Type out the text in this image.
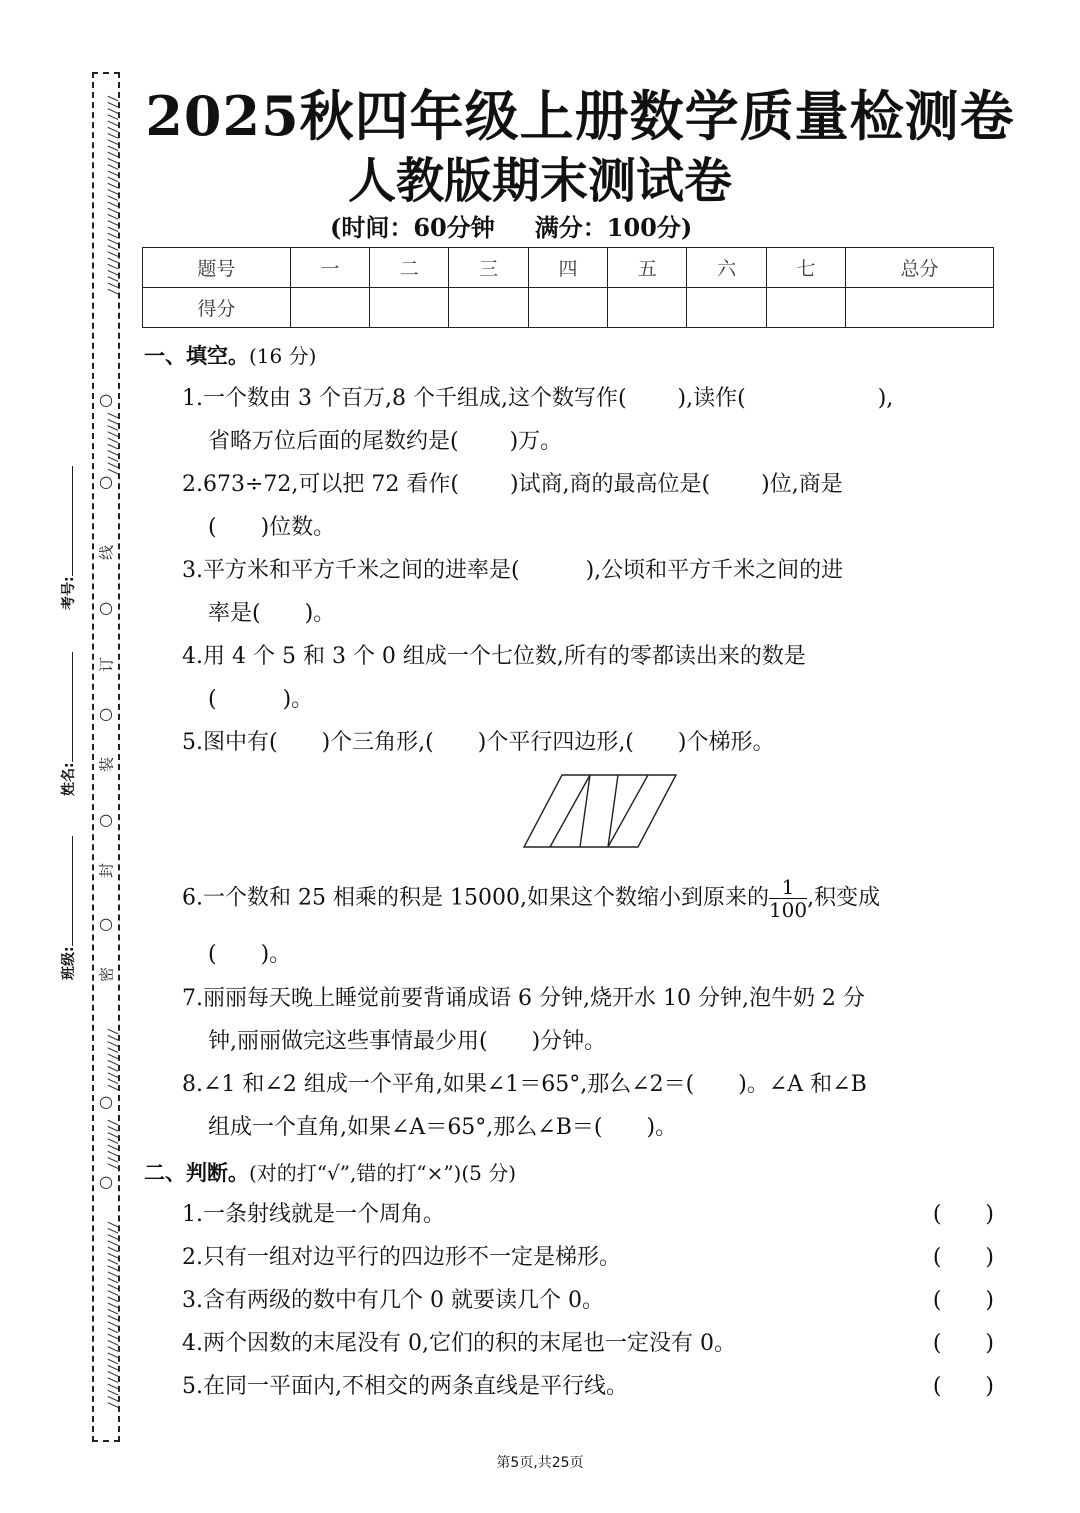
////////////////////////////////
○
//////////
○
线
○
订
○
装
○
封
○
密
//////////
○
////////
○
//////////////////////////////
考号:
姓名:
班级:
2025秋四年级上册数学质量检测卷
人教版期末测试卷
(时间：60分钟 满分：100分)
题号	一	二	三	四	五	六	七	总分
得分								
一、填空。(16 分)
1.一个数由 3 个百万,8 个千组成,这个数写作(　　 ),读作(　　　　　　),
省略万位后面的尾数约是(　　 )万。
2.673÷72,可以把 72 看作(　　 )试商,商的最高位是(　　 )位,商是
(　　)位数。
3.平方米和平方千米之间的进率是(　　　),公顷和平方千米之间的进
率是(　　)。
4.用 4 个 5 和 3 个 0 组成一个七位数,所有的零都读出来的数是
(　　　)。
5.图中有(　　)个三角形,(　　)个平行四边形,(　　)个梯形。
6.一个数和 25 相乘的积是 15000,如果这个数缩小到原来的 $\frac{1}{100}$ ,积变成
(　　)。
7.丽丽每天晚上睡觉前要背诵成语 6 分钟,烧开水 10 分钟,泡牛奶 2 分
钟,丽丽做完这些事情最少用(　　)分钟。
8.∠1 和∠2 组成一个平角,如果∠1＝65°,那么∠2＝(　　)。∠A 和∠B
组成一个直角,如果∠A＝65°,那么∠B＝(　　)。
二、判断。(对的打“√”,错的打“×”)(5 分)
1.一条射线就是一个周角。	(　　)
2.只有一组对边平行的四边形不一定是梯形。	(　　)
3.含有两级的数中有几个 0 就要读几个 0。	(　　)
4.两个因数的末尾没有 0,它们的积的末尾也一定没有 0。	(　　)
5.在同一平面内,不相交的两条直线是平行线。	(　　)
第5页,共25页
